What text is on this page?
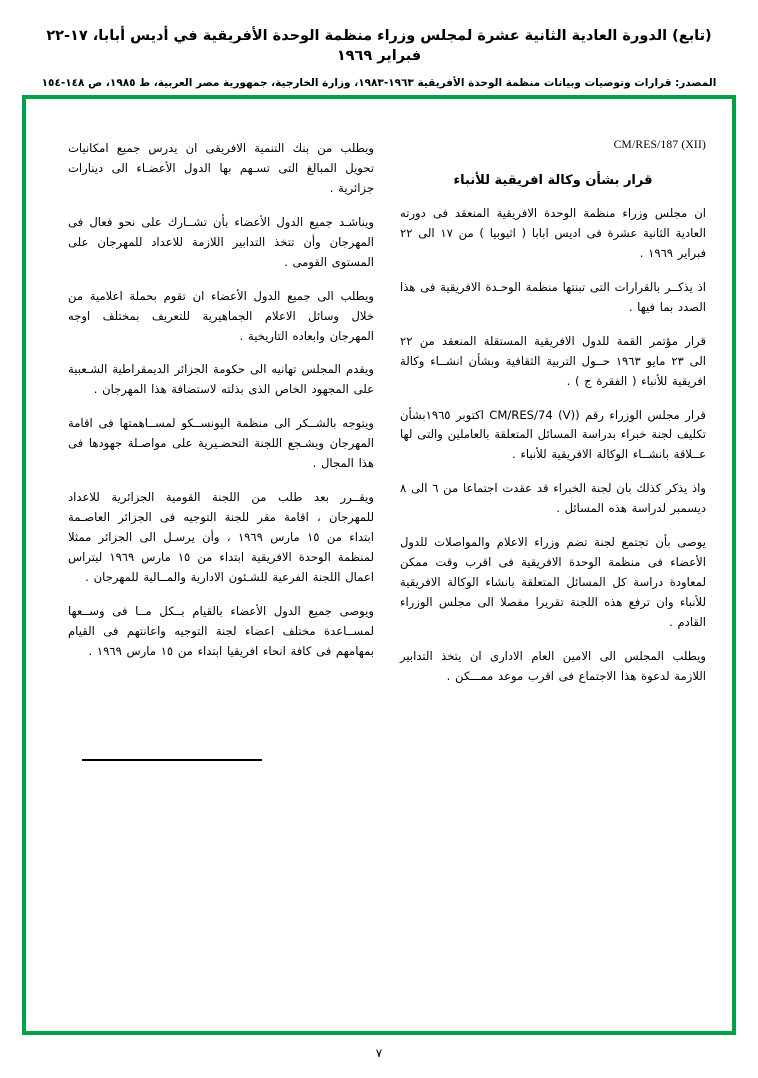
(تابع) الدورة العادية الثانية عشرة لمجلس وزراء منظمة الوحدة الأفريقية في أديس أبابا، ١٧-٢٢ فبراير ١٩٦٩
المصدر: قرارات وتوصيات وبيانات منظمة الوحدة الأفريقية ١٩٦٣-١٩٨٣، وزارة الخارجية، جمهورية مصر العربية، ط ١٩٨٥، ص ١٤٨-١٥٤
CM/RES/187 (XII)
قرار بشأن وكالة افريقية للأنباء

ان مجلس وزراء منظمة الوحدة الافريقية المنعقد فى دورته العادية الثانية عشرة فى اديس ابابا ( اثيوبيا ) من ١٧ الى ٢٢ فبراير ١٩٦٩ .

اذ يذكــر بالقرارات التى تبنتها منظمة الوحـدة الافريقية فى هذا الصدد بما فيها .

قرار مؤتمر القمة للدول الافريقية المستقلة المنعقد من ٢٢ الى ٢٣ مايو ١٩٦٣ حــول التربية الثقافية وبشأن انشــاء وكالة افريقية للأنباء ( الفقرة ج ) .

قرار مجلس الوزراء رقم (CM/RES/74 (V) اكتوبر ١٩٦٥بشأن تكليف لجنة خبراء بدراسة المسائل المتعلقة بالعاملين والتى لها عــلاقة بانشــاء الوكالة الافريقية للأنباء .

واذ يذكر كذلك بان لجنة الخبراء قد عقدت اجتماعا من ٦ الى ٨ ديسمبر لدراسة هذه المسائل .

يوصى بأن تجتمع لجنة تضم وزراء الاعلام والمواصلات للدول الأعضاء فى منظمة الوحدة الافريقية فى اقرب وقت ممكن لمعاودة دراسة كل المسائل المتعلقة بانشاء الوكالة الافريقية للأنباء وان ترفع هذه اللجنة تقريرا مفصلا الى مجلس الوزراء القادم .

ويطلب المجلس الى الامين العام الادارى ان يتخذ التدابير اللازمة لدعوة هذا الاجتماع فى اقرب موعد ممـــكن .

ويطلب من بنك التنمية الافريقى ان يدرس جميع امكانيات تحويل المبالغ التى تسـهم بها الدول الأعضـاء الى دينارات جزائرية .

ويناشـد جميع الدول الأعضاء بأن تشــارك على نحو فعال فى المهرجان وأن تتخذ التدابير اللازمة للاعداد للمهرجان على المستوى القومى .

ويطلب الى جميع الدول الأعضاء ان تقوم بحملة اعلامية من خلال وسائل الاعلام الجماهيرية للتعريف بمختلف اوجه المهرجان وابعاده التاريخية .

ويقدم المجلس تهانيه الى حكومة الجزائر الديمقراطية الشـعبية على المجهود الخاص الذى بذلته لاستضافة هذا المهرجان .

ويتوجه بالشــكر الى منظمة اليونســكو لمســاهمتها فى اقامة المهرجان ويشـجع اللجنة التحضـيرية على مواصـلة جهودها فى هذا المجال .

ويقــرر بعد طلب من اللجنة القومية الجزائرية للاعداد للمهرجان ، اقامة مقر للجنة التوجيه فى الجزائر العاصـمة ابتداء من ١٥ مارس ١٩٦٩ ، وأن يرسـل الى الجزائر ممثلا لمنظمة الوحدة الافريقية ابتداء من ١٥ مارس ١٩٦٩ ليتراس اعمال اللجنة الفرعية للشـئون الادارية والمــالية للمهرجان .

ويوصى جميع الدول الأعضاء بالقيام بــكل مــا فى وســعها لمســاعدة مختلف اعضاء لجنة التوجيه واعانتهم فى القيام بمهامهم فى كافة انحاء افريقيا ابتداء من ١٥ مارس ١٩٦٩ .

٧
